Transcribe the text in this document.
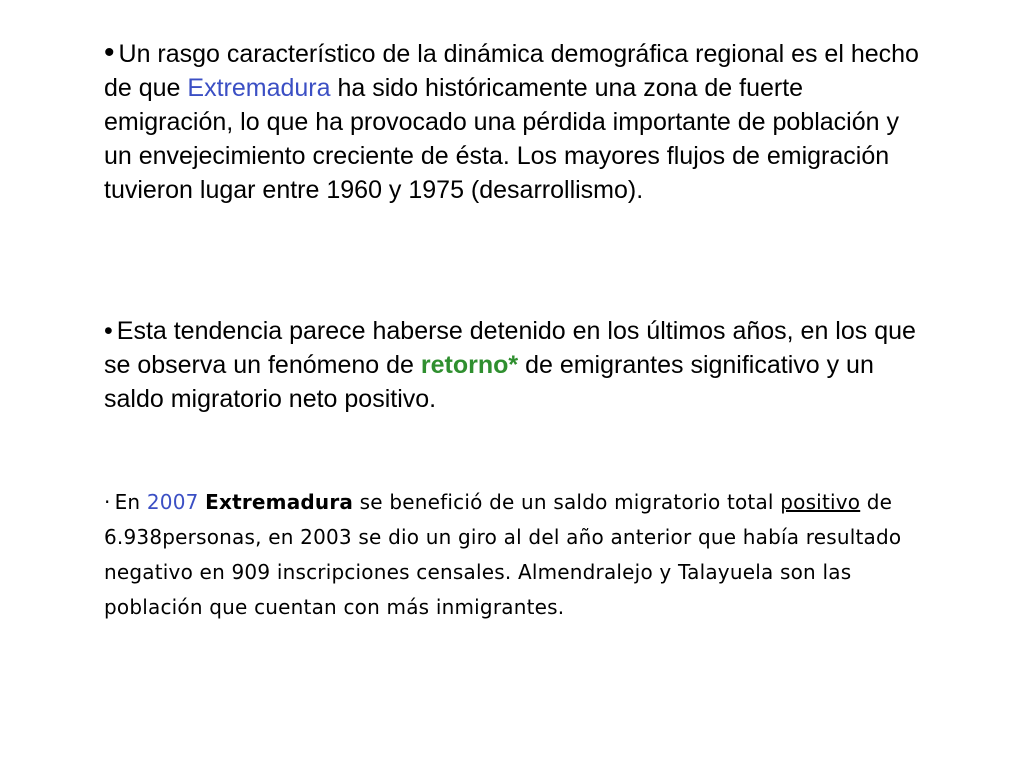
• Un rasgo característico de la dinámica demográfica regional es el hecho de que Extremadura ha sido históricamente una zona de fuerte emigración, lo que ha provocado una pérdida importante de población y un envejecimiento creciente de ésta. Los mayores flujos de emigración tuvieron lugar entre 1960 y 1975 (desarrollismo).

• Esta tendencia parece haberse detenido en los últimos años, en los que se observa un fenómeno de retorno* de emigrantes significativo y un saldo migratorio neto positivo.

· En 2007 Extremadura se benefició de un saldo migratorio total positivo de 6.938personas, en 2003 se dio un giro al del año anterior que había resultado negativo en 909 inscripciones censales. Almendralejo y Talayuela son las población que cuentan con más inmigrantes.
